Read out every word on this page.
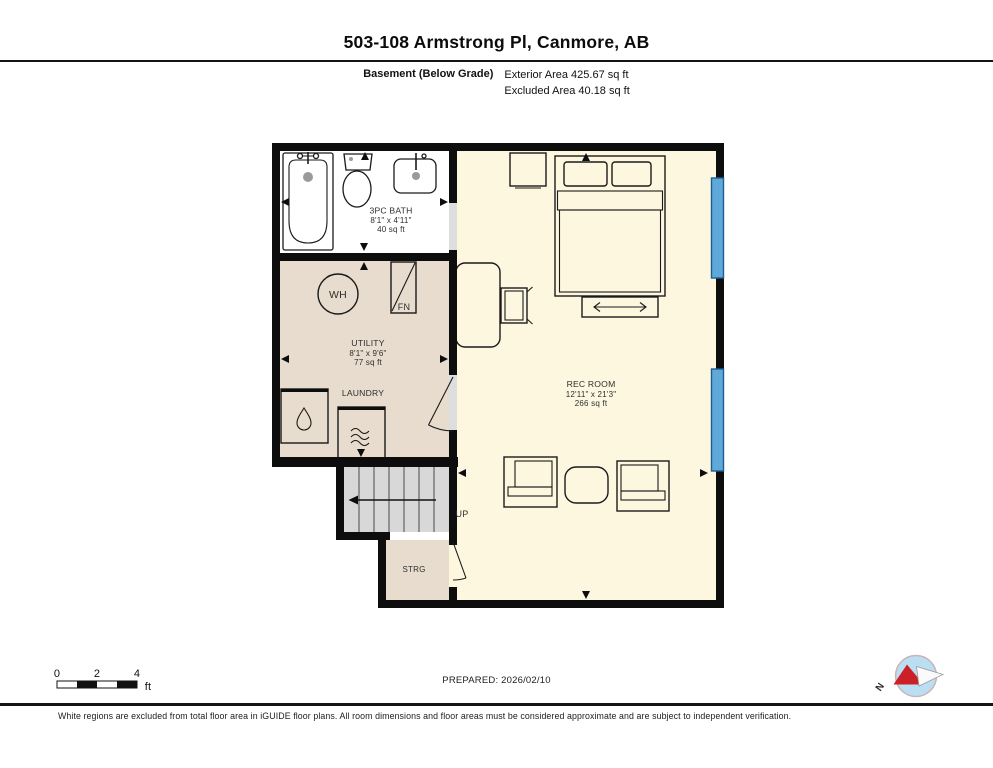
503-108 Armstrong Pl, Canmore, AB
Basement (Below Grade) Exterior Area 425.67 sq ft
Excluded Area 40.18 sq ft
3PC BATH
8'1" x 4'11"
40 sq ft
UTILITY
8'1" x 9'6"
77 sq ft
LAUNDRY
REC ROOM
12'11" x 21'3"
266 sq ft
STRG
UP
WH
FN
0	2	4
ft	N
PREPARED: 2026/02/10
White regions are excluded from total floor area in iGUIDE floor plans. All room dimensions and floor areas must be considered approximate and are subject to independent verification.
